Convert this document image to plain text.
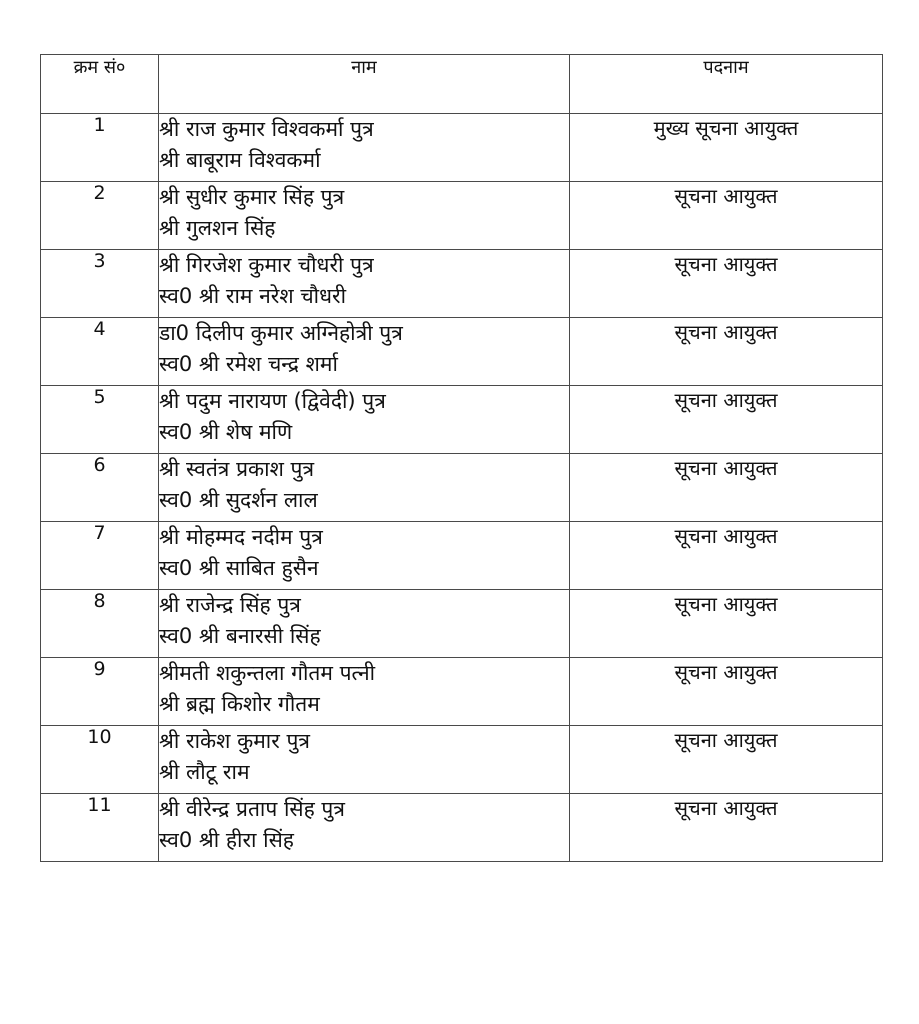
क्रम सं०	नाम	पदनाम
1	श्री राज कुमार विश्वकर्मा पुत्र
श्री बाबूराम विश्वकर्मा	मुख्य सूचना आयुक्त
2	श्री सुधीर कुमार सिंह पुत्र
श्री गुलशन सिंह	सूचना आयुक्त
3	श्री गिरजेश कुमार चौधरी पुत्र
स्व0 श्री राम नरेश चौधरी	सूचना आयुक्त
4	डा0 दिलीप कुमार अग्निहोत्री पुत्र
स्व0 श्री रमेश चन्द्र शर्मा	सूचना आयुक्त
5	श्री पदुम नारायण (द्विवेदी) पुत्र
स्व0 श्री शेष मणि	सूचना आयुक्त
6	श्री स्वतंत्र प्रकाश पुत्र
स्व0 श्री सुदर्शन लाल	सूचना आयुक्त
7	श्री मोहम्मद नदीम पुत्र
स्व0 श्री साबित हुसैन	सूचना आयुक्त
8	श्री राजेन्द्र सिंह पुत्र
स्व0 श्री बनारसी सिंह	सूचना आयुक्त
9	श्रीमती शकुन्तला गौतम पत्नी
श्री ब्रह्म किशोर गौतम	सूचना आयुक्त
10	श्री राकेश कुमार पुत्र
श्री लौटू राम	सूचना आयुक्त
11	श्री वीरेन्द्र प्रताप सिंह पुत्र
स्व0 श्री हीरा सिंह	सूचना आयुक्त
